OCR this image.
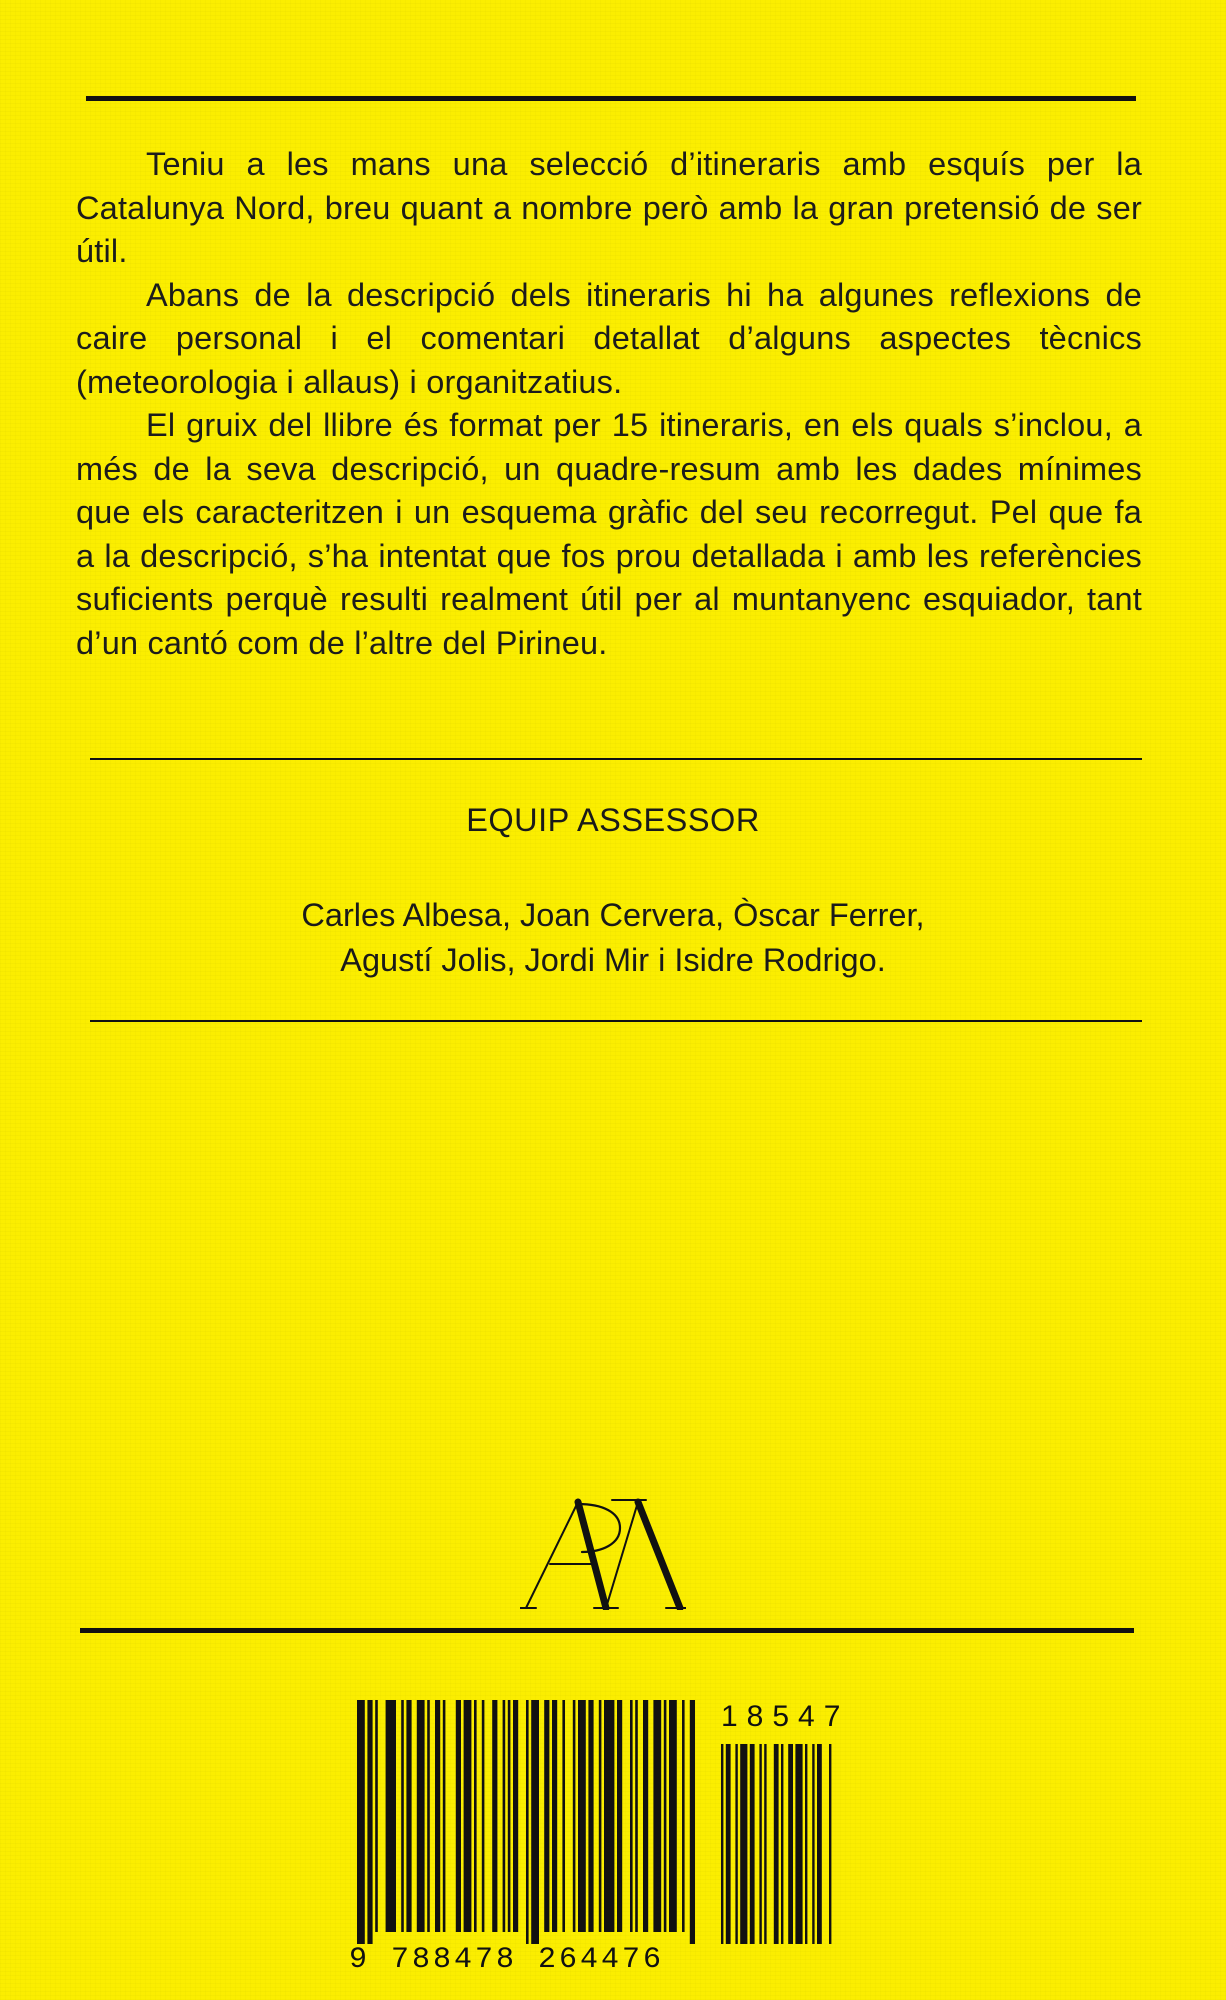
Teniu a les mans una selecció d’itineraris amb esquís per la Catalunya Nord, breu quant a nombre però amb la gran pretensió de ser útil.

Abans de la descripció dels itineraris hi ha algunes reflexions de caire personal i el comentari detallat d’alguns aspectes tècnics (meteorologia i allaus) i organitzatius.

El gruix del llibre és format per 15 itineraris, en els quals s’inclou, a més de la seva descripció, un quadre-resum amb les dades mínimes que els caracteritzen i un esquema gràfic del seu recorregut. Pel que fa a la descripció, s’ha intentat que fos prou detallada i amb les referències suficients perquè resulti realment útil per al muntanyenc esquiador, tant d’un cantó com de l’altre del Pirineu.

EQUIP ASSESSOR
Carles Albesa, Joan Cervera, Òscar Ferrer,
Agustí Jolis, Jordi Mir i Isidre Rodrigo.
9 788478 264476
18547
